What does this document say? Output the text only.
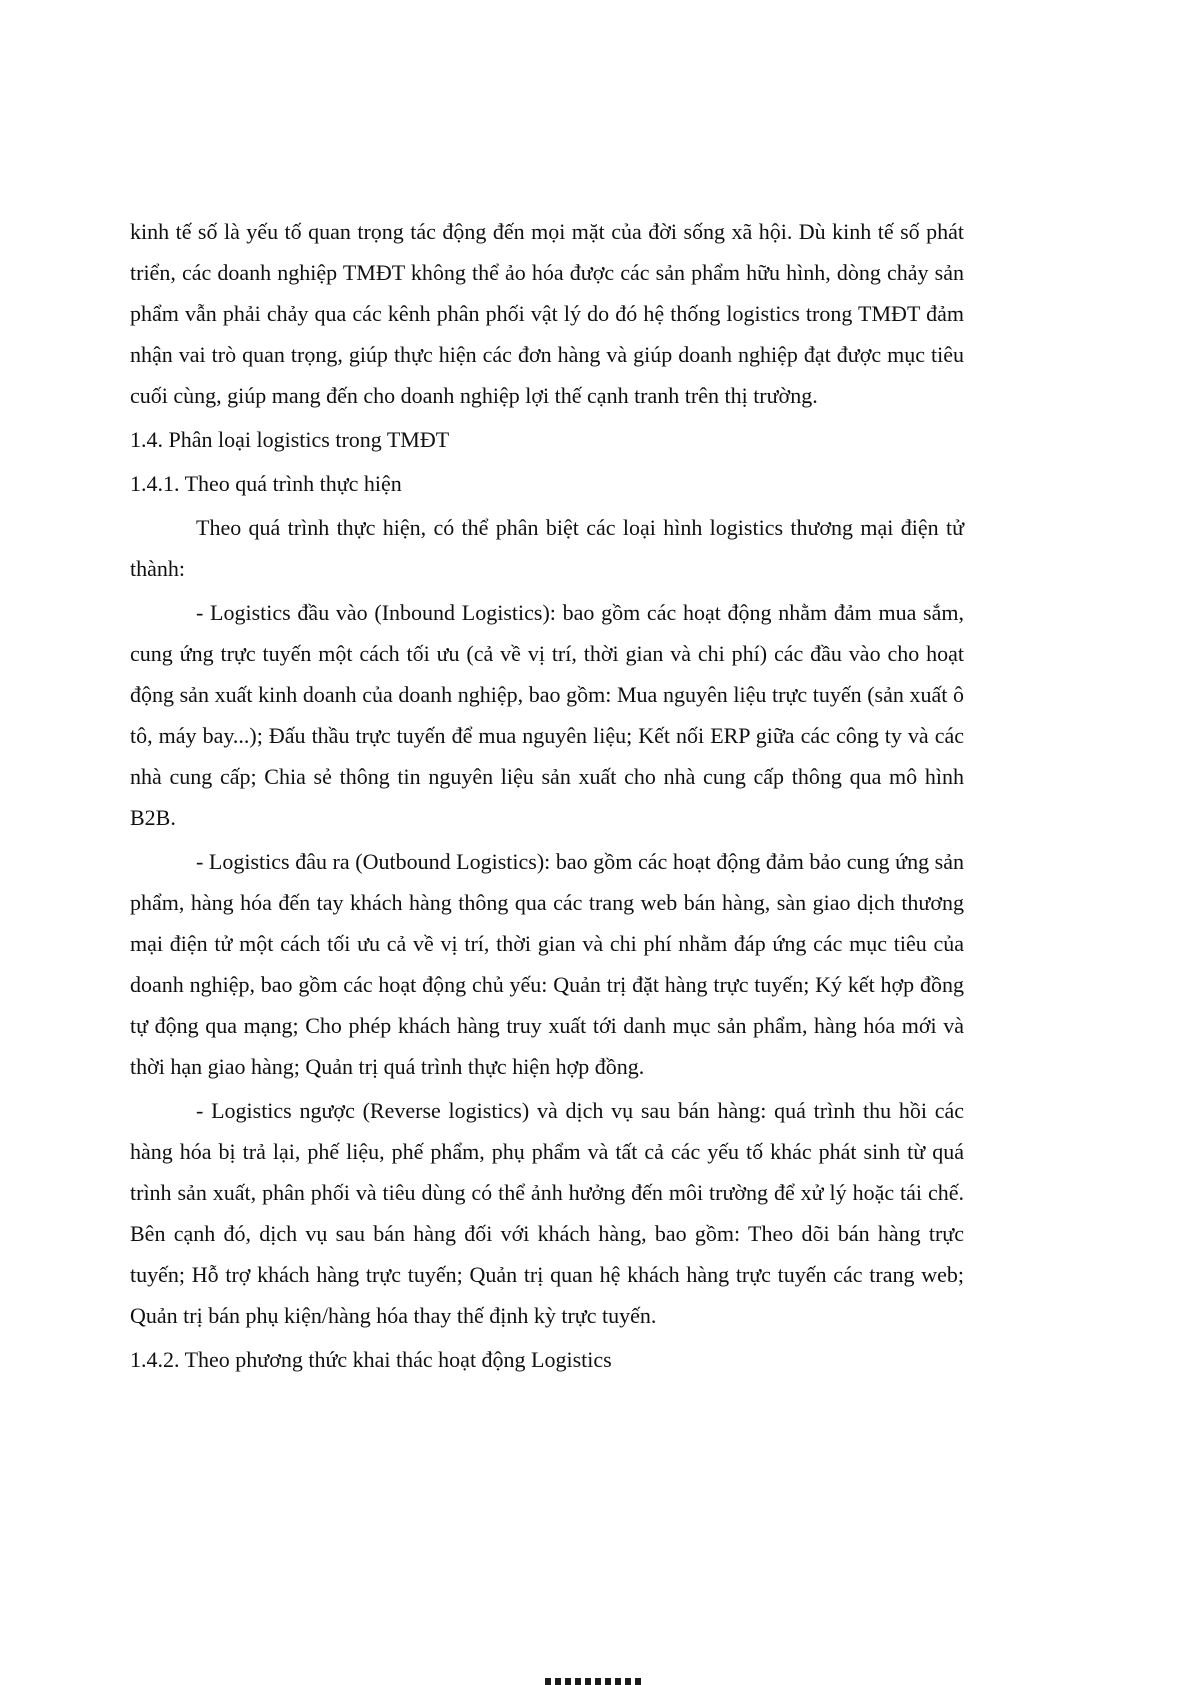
kinh tế số là yếu tố quan trọng tác động đến mọi mặt của đời sống xã hội. Dù kinh tế số phát triển, các doanh nghiệp TMĐT không thể ảo hóa được các sản phẩm hữu hình, dòng chảy sản phẩm vẫn phải chảy qua các kênh phân phối vật lý do đó hệ thống logistics trong TMĐT đảm nhận vai trò quan trọng, giúp thực hiện các đơn hàng và giúp doanh nghiệp đạt được mục tiêu cuối cùng, giúp mang đến cho doanh nghiệp lợi thế cạnh tranh trên thị trường.

1.4. Phân loại logistics trong TMĐT

1.4.1. Theo quá trình thực hiện

Theo quá trình thực hiện, có thể phân biệt các loại hình logistics thương mại điện tử thành:

- Logistics đầu vào (Inbound Logistics): bao gồm các hoạt động nhằm đảm mua sắm, cung ứng trực tuyến một cách tối ưu (cả về vị trí, thời gian và chi phí) các đầu vào cho hoạt động sản xuất kinh doanh của doanh nghiệp, bao gồm: Mua nguyên liệu trực tuyến (sản xuất ô tô, máy bay...); Đấu thầu trực tuyến để mua nguyên liệu; Kết nối ERP giữa các công ty và các nhà cung cấp; Chia sẻ thông tin nguyên liệu sản xuất cho nhà cung cấp thông qua mô hình B2B.

- Logistics đâu ra (Outbound Logistics): bao gồm các hoạt động đảm bảo cung ứng sản phẩm, hàng hóa đến tay khách hàng thông qua các trang web bán hàng, sàn giao dịch thương mại điện tử một cách tối ưu cả về vị trí, thời gian và chi phí nhằm đáp ứng các mục tiêu của doanh nghiệp, bao gồm các hoạt động chủ yếu: Quản trị đặt hàng trực tuyến; Ký kết hợp đồng tự động qua mạng; Cho phép khách hàng truy xuất tới danh mục sản phẩm, hàng hóa mới và thời hạn giao hàng; Quản trị quá trình thực hiện hợp đồng.

- Logistics ngược (Reverse logistics) và dịch vụ sau bán hàng: quá trình thu hồi các hàng hóa bị trả lại, phế liệu, phế phẩm, phụ phẩm và tất cả các yếu tố khác phát sinh từ quá trình sản xuất, phân phối và tiêu dùng có thể ảnh hưởng đến môi trường để xử lý hoặc tái chế. Bên cạnh đó, dịch vụ sau bán hàng đối với khách hàng, bao gồm: Theo dõi bán hàng trực tuyến; Hỗ trợ khách hàng trực tuyến; Quản trị quan hệ khách hàng trực tuyến các trang web; Quản trị bán phụ kiện/hàng hóa thay thế định kỳ trực tuyến.

1.4.2. Theo phương thức khai thác hoạt động Logistics
